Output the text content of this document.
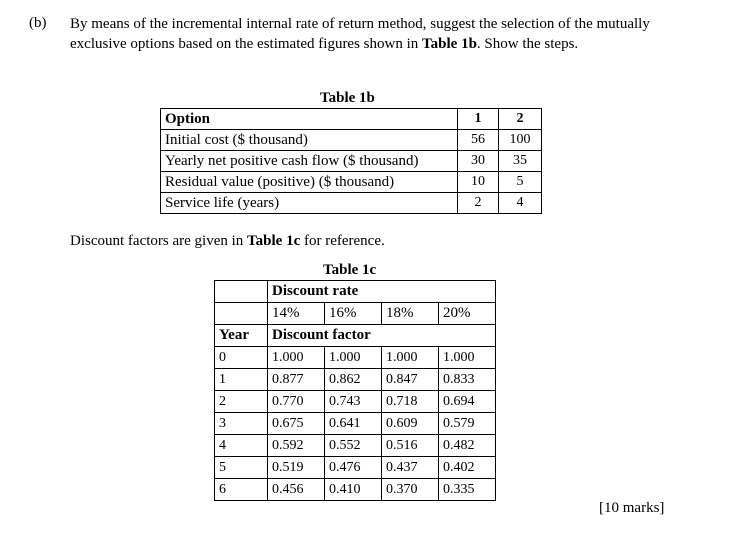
(b) By means of the incremental internal rate of return method, suggest the selection of the mutually exclusive options based on the estimated figures shown in Table 1b. Show the steps.
Table 1b
Option	1	2
Initial cost ($ thousand)	56	100
Yearly net positive cash flow ($ thousand)	30	35
Residual value (positive) ($ thousand)	10	5
Service life (years)	2	4
Discount factors are given in Table 1c for reference.
Table 1c
	Discount rate			
	14%	16%	18%	20%
Year	Discount factor			
0	1.000	1.000	1.000	1.000
1	0.877	0.862	0.847	0.833
2	0.770	0.743	0.718	0.694
3	0.675	0.641	0.609	0.579
4	0.592	0.552	0.516	0.482
5	0.519	0.476	0.437	0.402
6	0.456	0.410	0.370	0.335
[10 marks]
